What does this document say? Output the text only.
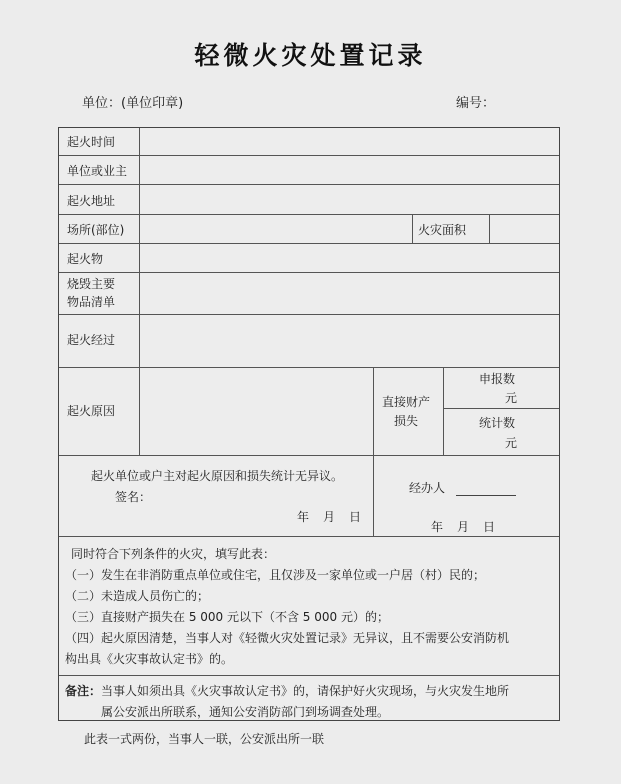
轻微火灾处置记录
单位：(单位印章)	编号：
起火时间
单位或业主
起火地址
场所(部位)	火灾面积
起火物
烧毁主要
物品清单
起火经过
起火原因
直接财产
损失
申报数
元
统计数
元
起火单位或户主对起火原因和损失统计无异议。
签名：
年　月　日
经办人
年　月　日
同时符合下列条件的火灾，填写此表：
（一）发生在非消防重点单位或住宅，且仅涉及一家单位或一户居（村）民的；
（二）未造成人员伤亡的；
（三）直接财产损失在 5 000 元以下（不含 5 000 元）的；
（四）起火原因清楚，当事人对《轻微火灾处置记录》无异议，且不需要公安消防机
构出具《火灾事故认定书》的。
备注：当事人如须出具《火灾事故认定书》的，请保护好火灾现场，与火灾发生地所
属公安派出所联系，通知公安消防部门到场调查处理。
此表一式两份，当事人一联，公安派出所一联
